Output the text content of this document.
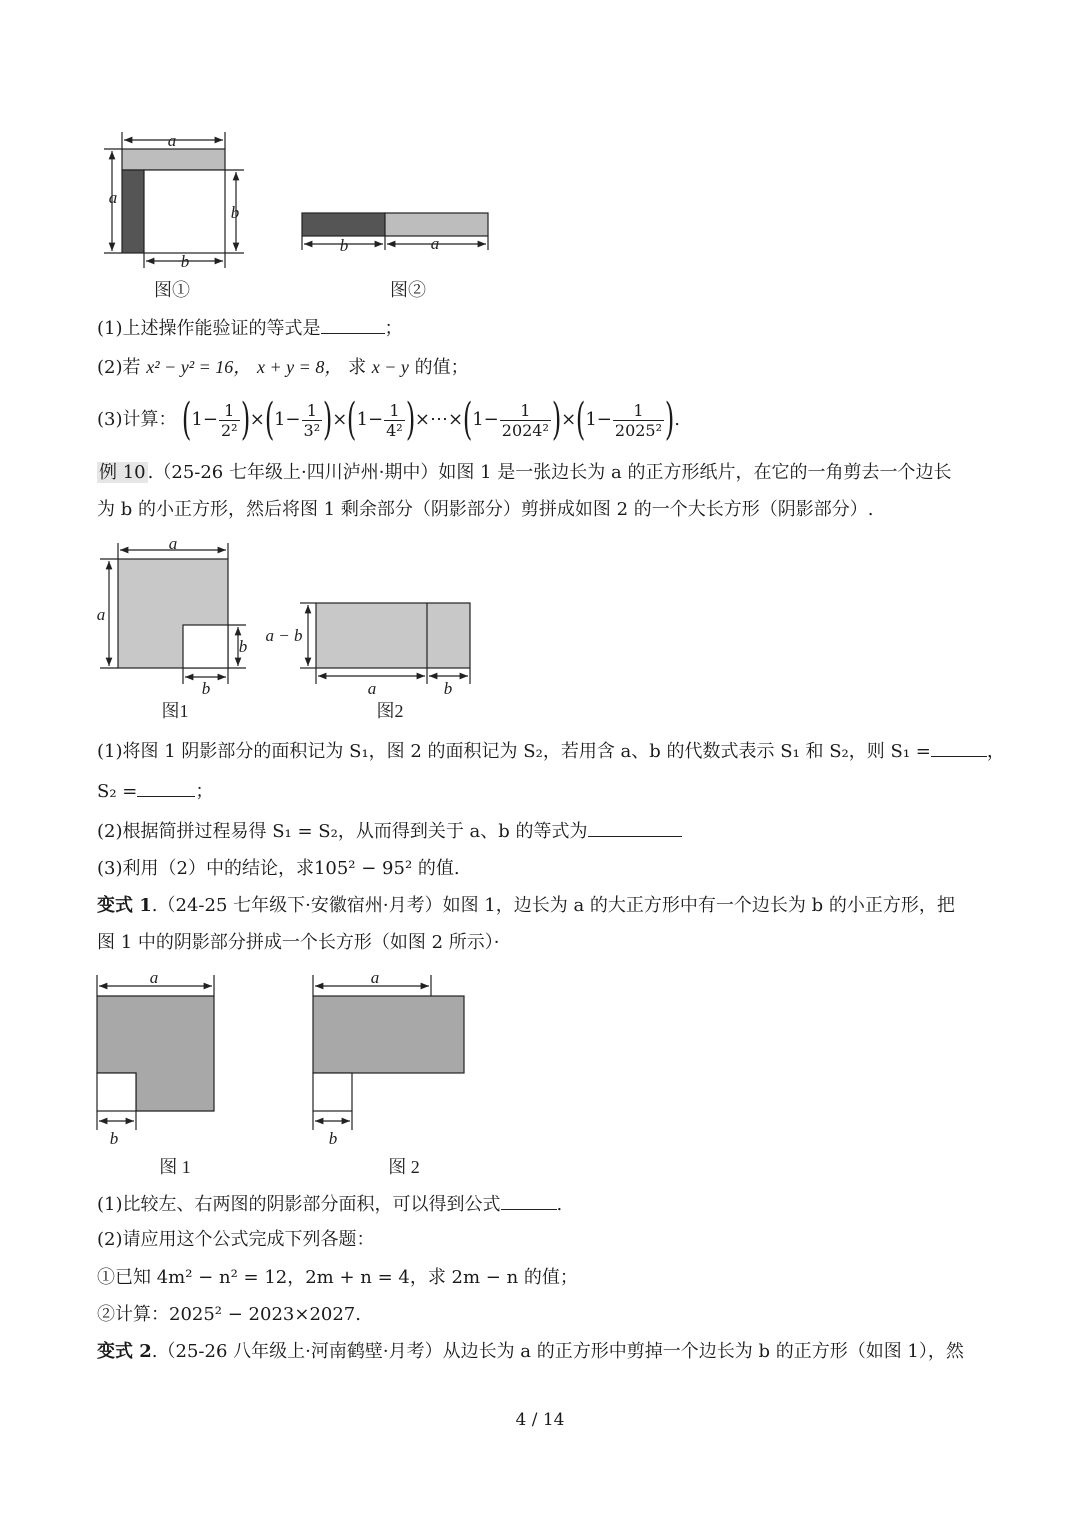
a
a
b
b
图①
b	a
图②
a
a
b
b
图1
a − b
a	b
图2
a
b
图 1
a
b
图 2
(1)上述操作能验证的等式是	；
(2)若 x² − y² = 16， x + y = 8， 求 x − y 的值；
(3)计算： $(1- \frac{1}{\text{2²}} )\times(1- \frac{1}{\text{3²}} )\times(1- \frac{1}{\text{4²}}$ )×⋯×(1− $\frac{1}{\text{2024²}} )\times(1- \frac{1}{\text{2025²}}$ ).
例 10 .（25-26 七年级上·四川泸州·期中）如图 1 是一张边长为 a 的正方形纸片，在它的一角剪去一个边长
为 b 的小正方形，然后将图 1 剩余部分（阴影部分）剪拼成如图 2 的一个大长方形（阴影部分）.
(1)将图 1 阴影部分的面积记为 S₁，图 2 的面积记为 S₂，若用含 a、b 的代数式表示 S₁ 和 S₂，则 S₁ =	，
S₂ =	；
(2)根据简拼过程易得 S₁ = S₂，从而得到关于 a、b 的等式为
(3)利用（2）中的结论，求105² − 95² 的值.
变式 1.（24-25 七年级下·安徽宿州·月考）如图 1，边长为 a 的大正方形中有一个边长为 b 的小正方形，把
图 1 中的阴影部分拼成一个长方形（如图 2 所示）·
(1)比较左、右两图的阴影部分面积，可以得到公式	.
(2)请应用这个公式完成下列各题：
①已知 4m² − n² = 12，2m + n = 4，求 2m − n 的值；
②计算：2025² − 2023×2027.
变式 2.（25-26 八年级上·河南鹤壁·月考）从边长为 a 的正方形中剪掉一个边长为 b 的正方形（如图 1），然
4 / 14
